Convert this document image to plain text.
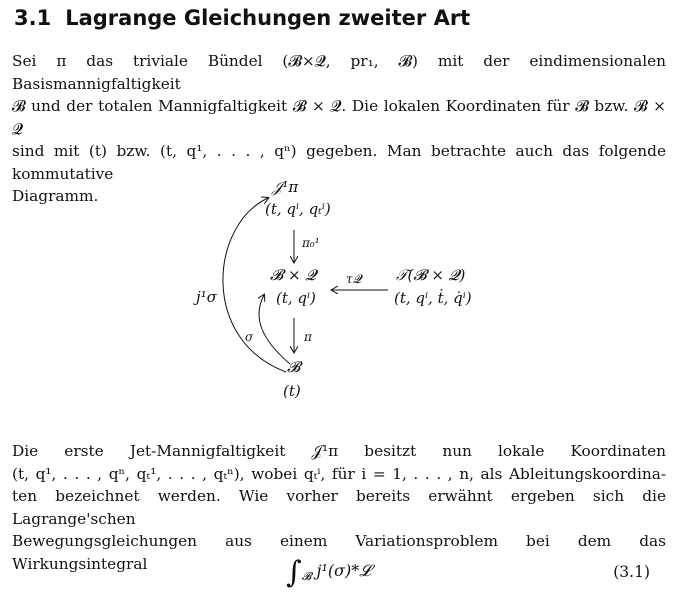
3.1 Lagrange Gleichungen zweiter Art
Sei π das triviale Bündel (𝓑×𝓠, pr₁, 𝓑) mit der eindimensionalen Basismannigfaltigkeit
𝓑 und der totalen Mannigfaltigkeit 𝓑 × 𝓠. Die lokalen Koordinaten für 𝓑 bzw. 𝓑 × 𝓠
sind mit (t) bzw. (t, q¹, . . . , qⁿ) gegeben. Man betrachte auch das folgende kommutative
Diagramm.	𝒥¹π
(t, qⁱ, qₜⁱ)
π₀¹
𝓑 × 𝓠
(t, qⁱ)
τ𝓠 𝒯(𝓑 × 𝓠)
(t, qⁱ, ṫ, q̇ⁱ)
j¹σ
σ	π
𝓑
(t)
Die erste Jet-Mannigfaltigkeit 𝒥¹π besitzt nun lokale Koordinaten
(t, q¹, . . . , qⁿ, qₜ¹, . . . , qₜⁿ), wobei qₜⁱ, für i = 1, . . . , n, als Ableitungskoordina-
ten bezeichnet werden. Wie vorher bereits erwähnt ergeben sich die Lagrange'schen
Bewegungsgleichungen aus einem Variationsproblem bei dem das Wirkungsintegral	$\int_𝓑$ j¹(σ)*𝓛	(3.1)
